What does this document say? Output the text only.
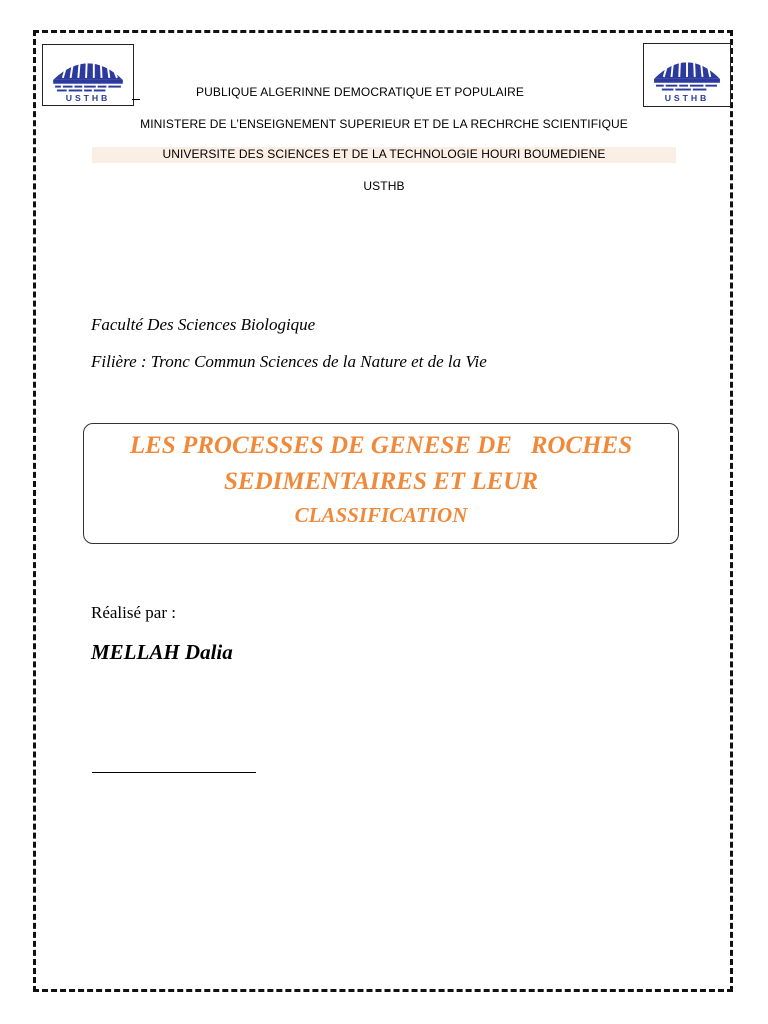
USTHB	USTHB
PUBLIQUE ALGERINNE DEMOCRATIQUE ET POPULAIRE
MINISTERE DE L’ENSEIGNEMENT SUPERIEUR ET DE LA RECHRCHE SCIENTIFIQUE
UNIVERSITE DES SCIENCES ET DE LA TECHNOLOGIE HOURI BOUMEDIENE
USTHB
Faculté Des Sciences Biologique
Filière : Tronc Commun Sciences de la Nature et de la Vie
LES PROCESSES DE GENESE DE   ROCHES
SEDIMENTAIRES ET LEUR
CLASSIFICATION
Réalisé par :
MELLAH Dalia
